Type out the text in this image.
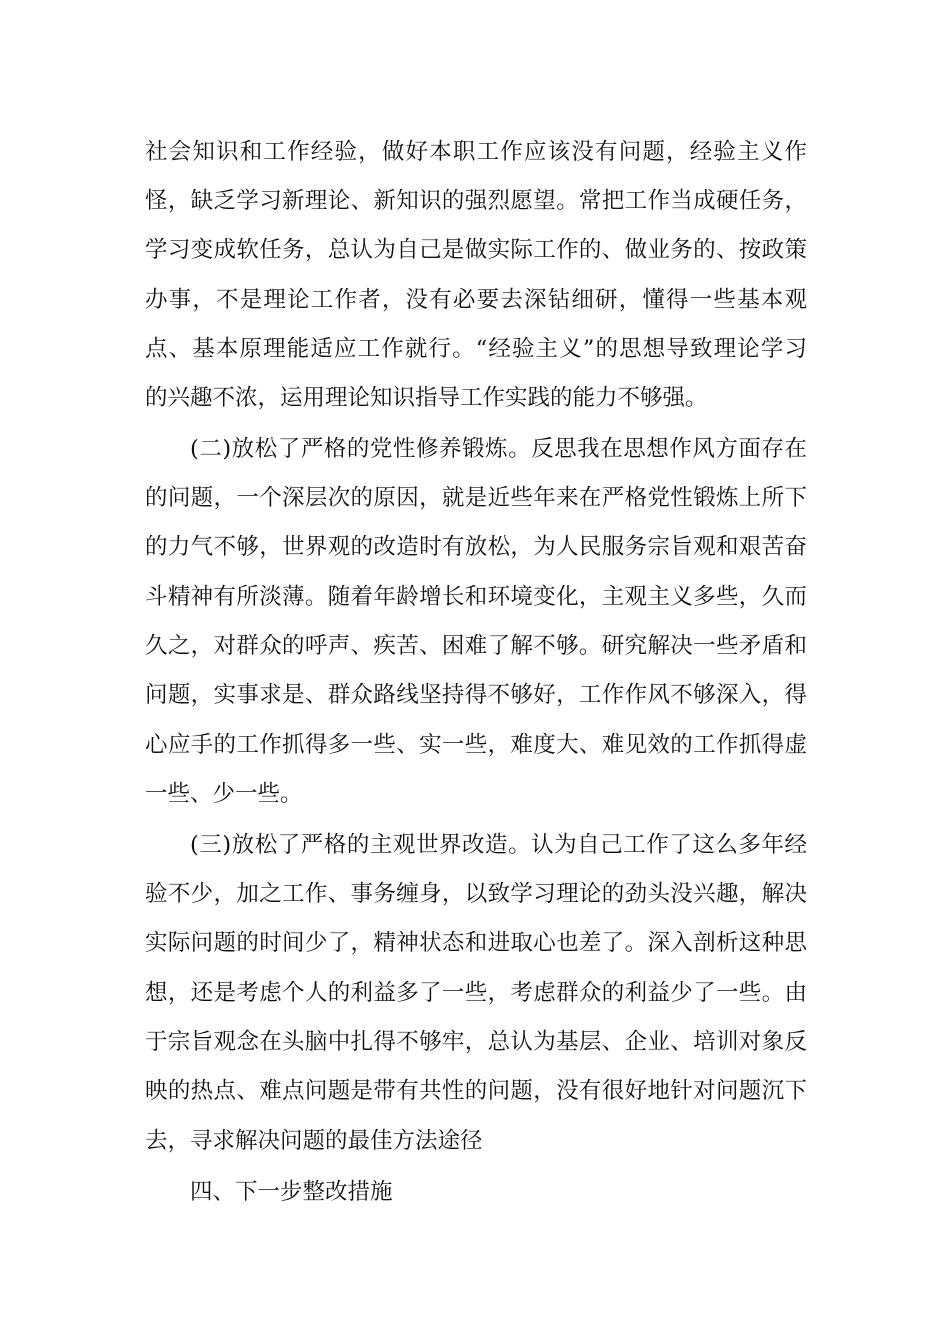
社会知识和工作经验，做好本职工作应该没有问题，经验主义作
怪，缺乏学习新理论、新知识的强烈愿望。常把工作当成硬任务，
学习变成软任务，总认为自己是做实际工作的、做业务的、按政策
办事，不是理论工作者，没有必要去深钻细研，懂得一些基本观
点、基本原理能适应工作就行。“经验主义”的思想导致理论学习
的兴趣不浓，运用理论知识指导工作实践的能力不够强。
(二)放松了严格的党性修养锻炼。反思我在思想作风方面存在
的问题，一个深层次的原因，就是近些年来在严格党性锻炼上所下
的力气不够，世界观的改造时有放松，为人民服务宗旨观和艰苦奋
斗精神有所淡薄。随着年龄增长和环境变化，主观主义多些，久而
久之，对群众的呼声、疾苦、困难了解不够。研究解决一些矛盾和
问题，实事求是、群众路线坚持得不够好，工作作风不够深入，得
心应手的工作抓得多一些、实一些，难度大、难见效的工作抓得虚
一些、少一些。
(三)放松了严格的主观世界改造。认为自己工作了这么多年经
验不少，加之工作、事务缠身，以致学习理论的劲头没兴趣，解决
实际问题的时间少了，精神状态和进取心也差了。深入剖析这种思
想，还是考虑个人的利益多了一些，考虑群众的利益少了一些。由
于宗旨观念在头脑中扎得不够牢，总认为基层、企业、培训对象反
映的热点、难点问题是带有共性的问题，没有很好地针对问题沉下
去，寻求解决问题的最佳方法途径
四、下一步整改措施
